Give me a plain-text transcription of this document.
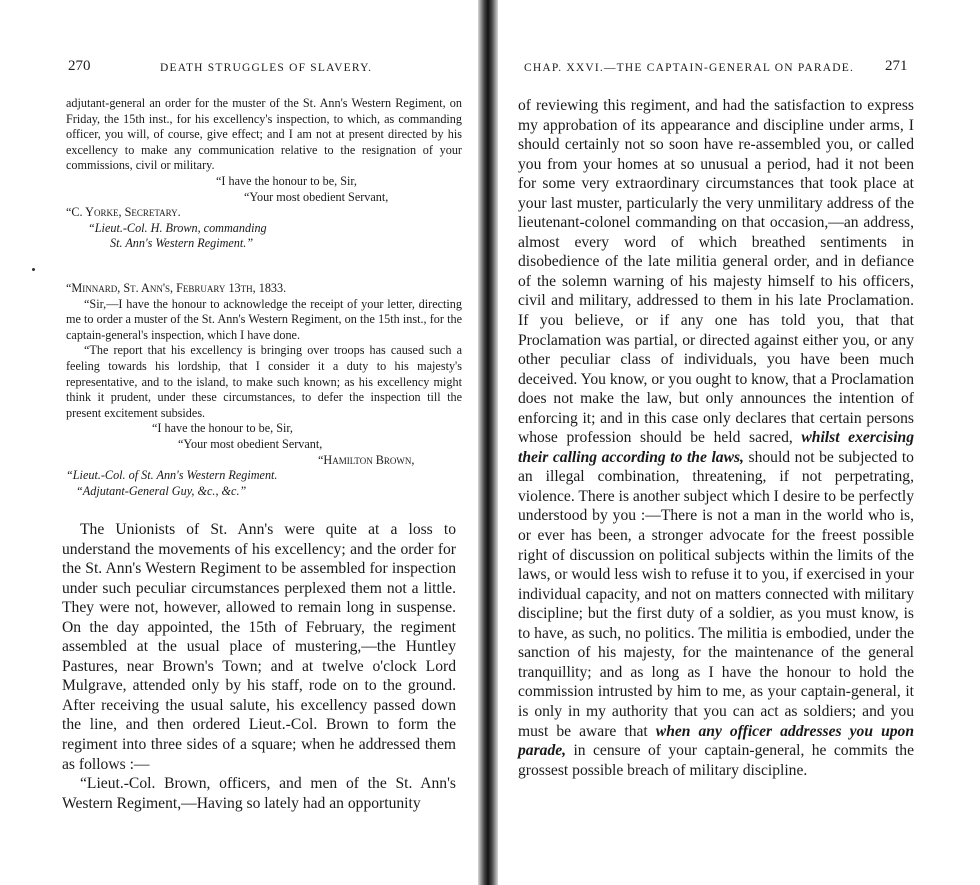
270	DEATH STRUGGLES OF SLAVERY.

adjutant-general an order for the muster of the St. Ann's Western Regiment, on Friday, the 15th inst., for his excellency's inspection, to which, as commanding officer, you will, of course, give effect; and I am not at present directed by his excellency to make any communication relative to the resignation of your commissions, civil or military.

“I have the honour to be, Sir,

“Your most obedient Servant,

“C. Yorke, Secretary.

“Lieut.-Col. H. Brown, commanding

St. Ann's Western Regiment.”

“Minnard, St. Ann's, February 13th, 1833.

“Sir,—I have the honour to acknowledge the receipt of your letter, directing me to order a muster of the St. Ann's Western Regiment, on the 15th inst., for the captain-general's inspection, which I have done.

“The report that his excellency is bringing over troops has caused such a feeling towards his lordship, that I consider it a duty to his majesty's representative, and to the island, to make such known; as his excellency might think it prudent, under these circumstances, to defer the inspection till the present excitement subsides.

“I have the honour to be, Sir,

“Your most obedient Servant,

“Hamilton Brown,

“Lieut.-Col. of St. Ann's Western Regiment.

“Adjutant-General Guy, &c., &c.”

The Unionists of St. Ann's were quite at a loss to understand the movements of his excellency; and the order for the St. Ann's Western Regiment to be assembled for inspection under such peculiar circumstances perplexed them not a little. They were not, however, allowed to remain long in suspense. On the day appointed, the 15th of February, the regiment assembled at the usual place of mustering,—the Huntley Pastures, near Brown's Town; and at twelve o'clock Lord Mulgrave, attended only by his staff, rode on to the ground. After receiving the usual salute, his excellency passed down the line, and then ordered Lieut.-Col. Brown to form the regiment into three sides of a square; when he addressed them as follows :—

“Lieut.-Col. Brown, officers, and men of the St. Ann's Western Regiment,—Having so lately had an opportunity

CHAP. XXVI.—THE CAPTAIN-GENERAL ON PARADE. 271

of reviewing this regiment, and had the satisfaction to express my approbation of its appearance and discipline under arms, I should certainly not so soon have re-assembled you, or called you from your homes at so unusual a period, had it not been for some very extraordinary circumstances that took place at your last muster, particularly the very unmilitary address of the lieutenant-colonel commanding on that occasion,—an address, almost every word of which breathed sentiments in disobedience of the late militia general order, and in defiance of the solemn warning of his majesty himself to his officers, civil and military, addressed to them in his late Proclamation. If you believe, or if any one has told you, that that Proclamation was partial, or directed against either you, or any other peculiar class of individuals, you have been much deceived. You know, or you ought to know, that a Proclamation does not make the law, but only announces the intention of enforcing it; and in this case only declares that certain persons whose profession should be held sacred, whilst exercising their calling according to the laws, should not be subjected to an illegal combination, threatening, if not perpetrating, violence. There is another subject which I desire to be perfectly understood by you :—There is not a man in the world who is, or ever has been, a stronger advocate for the freest possible right of discussion on political subjects within the limits of the laws, or would less wish to refuse it to you, if exercised in your individual capacity, and not on matters connected with military discipline; but the first duty of a soldier, as you must know, is to have, as such, no politics. The militia is embodied, under the sanction of his majesty, for the maintenance of the general tranquillity; and as long as I have the honour to hold the commission intrusted by him to me, as your captain-general, it is only in my authority that you can act as soldiers; and you must be aware that when any officer addresses you upon parade, in censure of your captain-general, he commits the grossest possible breach of military discipline.
